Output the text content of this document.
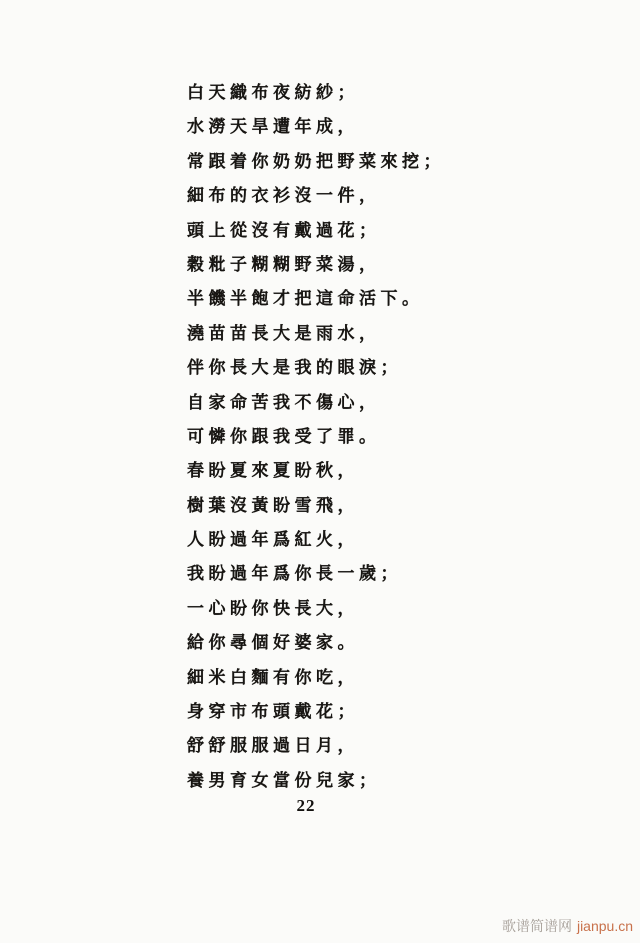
白天織布夜紡紗；
水澇天旱遭年成，
常跟着你奶奶把野菜來挖；
細布的衣衫沒一件，
頭上從沒有戴過花；
穀粃子糊糊野菜湯，
半饑半飽才把這命活下。
澆苗苗長大是雨水，
伴你長大是我的眼淚；
自家命苦我不傷心，
可憐你跟我受了罪。
春盼夏來夏盼秋，
樹葉沒黃盼雪飛，
人盼過年爲紅火，
我盼過年爲你長一歲；
一心盼你快長大，
給你尋個好婆家。
細米白麵有你吃，
身穿市布頭戴花；
舒舒服服過日月，
養男育女當份兒家；
22
歌谱简谱网 jianpu.cn
